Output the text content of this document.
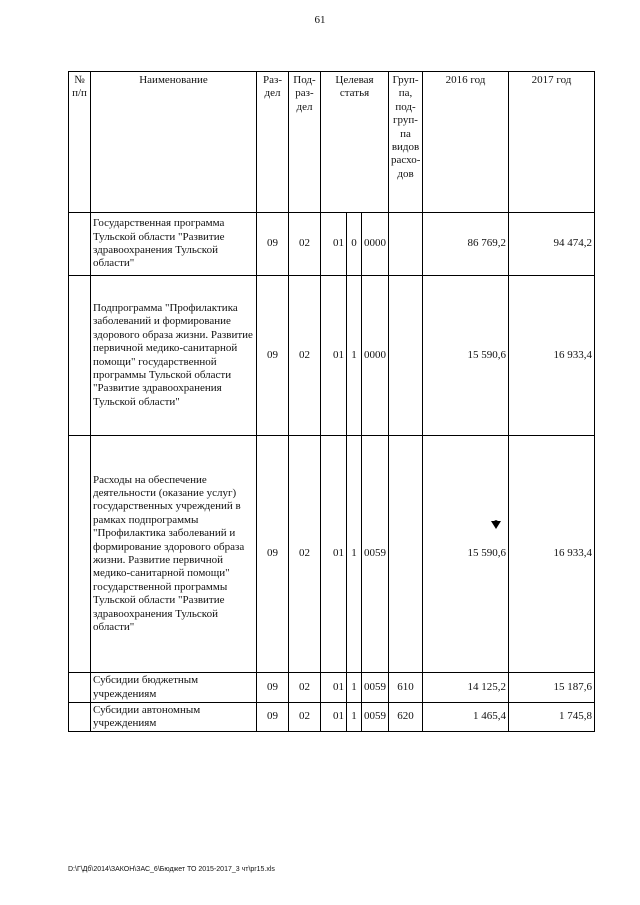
61
№ п/п	Наименование	Раз-дел	Под-раз-дел	Целевая статья			Груп-па, под-груп-па видов расхо-дов	2016 год	2017 год
	Государственная программа Тульской области "Развитие здравоохранения Тульской области"	09	02	01	0	0000		86 769,2	94 474,2
	Подпрограмма "Профилактика заболеваний и формирование здорового образа жизни. Развитие первичной медико-санитарной помощи" государственной программы Тульской области "Развитие здравоохранения Тульской области"	09	02	01	1	0000		15 590,6	16 933,4
	Расходы на обеспечение деятельности (оказание услуг) государственных учреждений в рамках подпрограммы "Профилактика заболеваний и формирование здорового образа жизни. Развитие первичной медико-санитарной помощи" государственной программы Тульской области "Развитие здравоохранения Тульской области"	09	02	01	1	0059		15 590,6	16 933,4
	Субсидии бюджетным учреждениям	09	02	01	1	0059	610	14 125,2	15 187,6
	Субсидии автономным учреждениям	09	02	01	1	0059	620	1 465,4	1 745,8
D:\Г\Дб\2014\ЗАКОН\ЗАС_6\Бюджет ТО 2015-2017_3 чт\pr15.xls
